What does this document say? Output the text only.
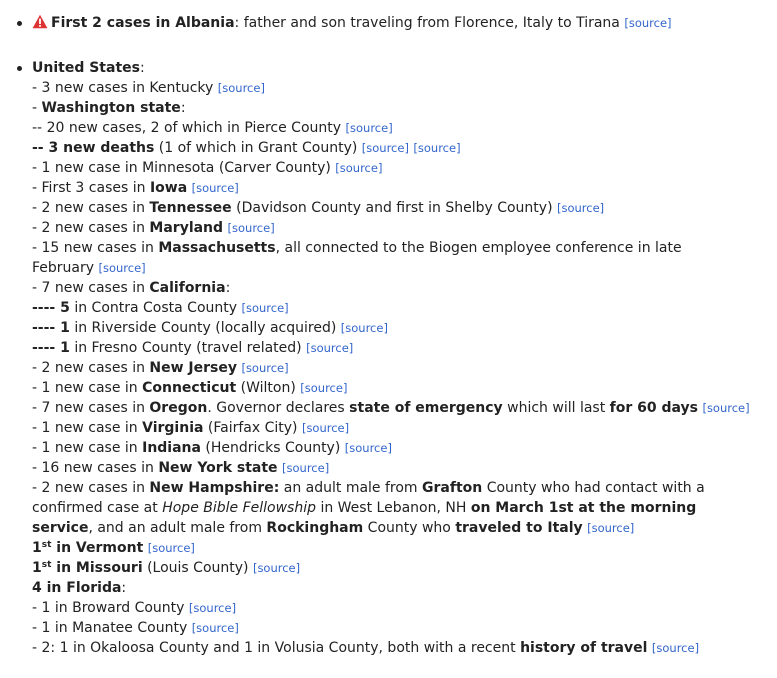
First 2 cases in Albania: father and son traveling from Florence, Italy to Tirana [source]
United States:
- 3 new cases in Kentucky [source]
- Washington state:
-- 20 new cases, 2 of which in Pierce County [source]
-- 3 new deaths (1 of which in Grant County) [source] [source]
- 1 new case in Minnesota (Carver County) [source]
- First 3 cases in Iowa [source]
- 2 new cases in Tennessee (Davidson County and first in Shelby County) [source]
- 2 new cases in Maryland [source]
- 15 new cases in Massachusetts, all connected to the Biogen employee conference in late February [source]
- 7 new cases in California:
---- 5 in Contra Costa County [source]
---- 1 in Riverside County (locally acquired) [source]
---- 1 in Fresno County (travel related) [source]
- 2 new cases in New Jersey [source]
- 1 new case in Connecticut (Wilton) [source]
- 7 new cases in Oregon. Governor declares state of emergency which will last for 60 days [source]
- 1 new case in Virginia (Fairfax City) [source]
- 1 new case in Indiana (Hendricks County) [source]
- 16 new cases in New York state [source]
- 2 new cases in New Hampshire: an adult male from Grafton County who had contact with a confirmed case at Hope Bible Fellowship in West Lebanon, NH on March 1st at the morning service, and an adult male from Rockingham County who traveled to Italy [source]
1st in Vermont [source]
1st in Missouri (Louis County) [source]
4 in Florida:
- 1 in Broward County [source]
- 1 in Manatee County [source]
- 2: 1 in Okaloosa County and 1 in Volusia County, both with a recent history of travel [source]
